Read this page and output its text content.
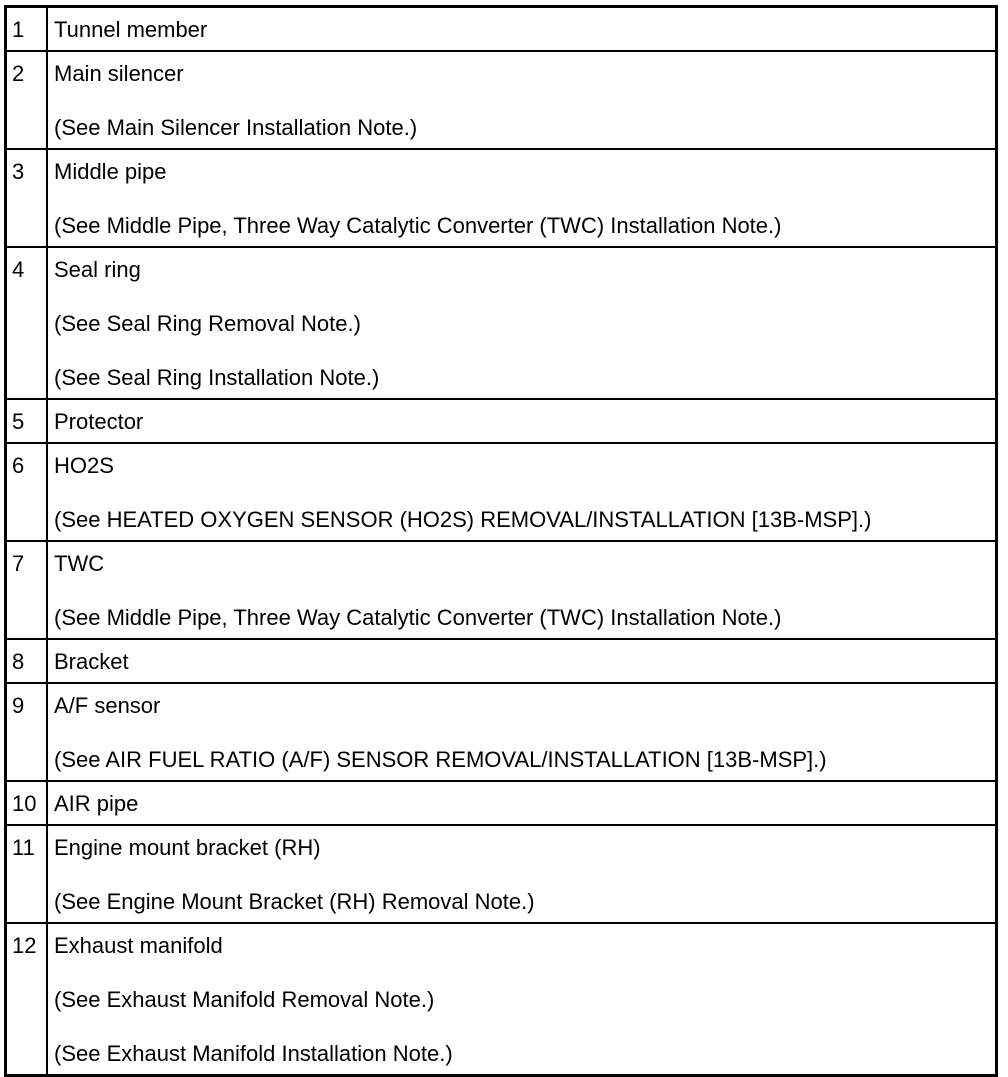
1	Tunnel member

2	Main silencer
(See Main Silencer Installation Note.)

3	Middle pipe
(See Middle Pipe, Three Way Catalytic Converter (TWC) Installation Note.)

4	Seal ring
(See Seal Ring Removal Note.)
(See Seal Ring Installation Note.)

5	Protector

6	HO2S
(See HEATED OXYGEN SENSOR (HO2S) REMOVAL/INSTALLATION [13B-MSP].)

7	TWC
(See Middle Pipe, Three Way Catalytic Converter (TWC) Installation Note.)

8	Bracket

9	A/F sensor
(See AIR FUEL RATIO (A/F) SENSOR REMOVAL/INSTALLATION [13B-MSP].)

10	AIR pipe

11	Engine mount bracket (RH)
(See Engine Mount Bracket (RH) Removal Note.)

12	Exhaust manifold
(See Exhaust Manifold Removal Note.)
(See Exhaust Manifold Installation Note.)
